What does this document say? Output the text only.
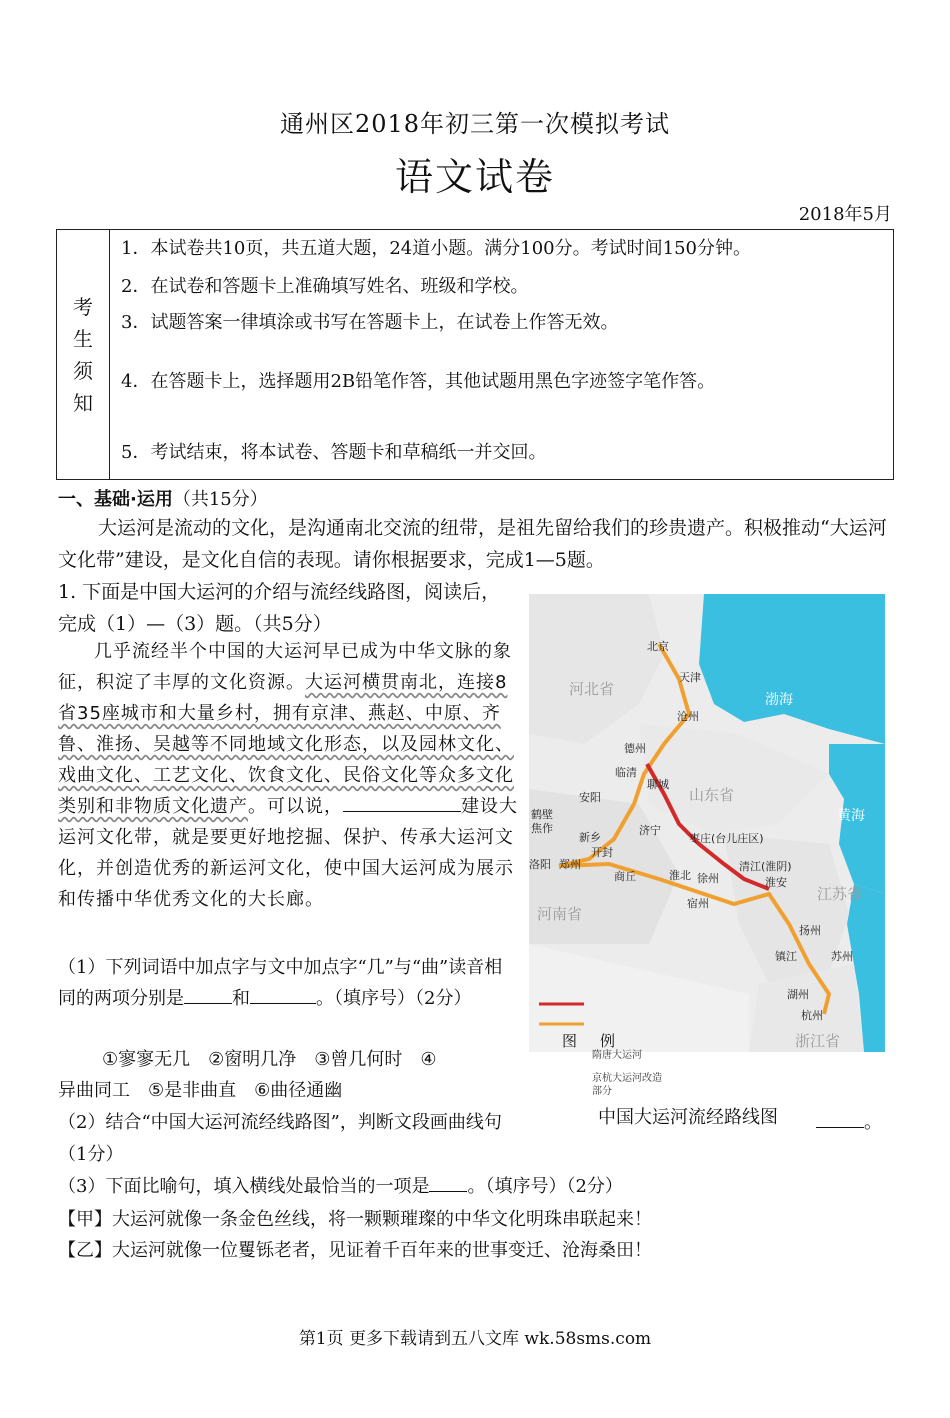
通州区2018年初三第一次模拟考试
语文试卷
2018年5月
考
生
须
知
1．本试卷共10页，共五道大题，24道小题。满分100分。考试时间150分钟。
2．在试卷和答题卡上准确填写姓名、班级和学校。
3．试题答案一律填涂或书写在答题卡上，在试卷上作答无效。
4．在答题卡上，选择题用2B铅笔作答，其他试题用黑色字迹签字笔作答。
5．考试结束，将本试卷、答题卡和草稿纸一并交回。
一、基础·运用（共15分）
大运河是流动的文化，是沟通南北交流的纽带，是祖先留给我们的珍贵遗产。积极推动“大运河文化带”建设，是文化自信的表现。请你根据要求，完成1—5题。
1. 下面是中国大运河的介绍与流经线路图，阅读后，完成（1）—（3）题。（共5分）
几乎流经半个中国的大运河早已成为中华文脉的象征，积淀了丰厚的文化资源。大运河横贯南北，连接8省35座城市和大量乡村，拥有京津、燕赵、中原、齐鲁、淮扬、吴越等不同地域文化形态，以及园林文化、戏曲文化、工艺文化、饮食文化、民俗文化等众多文化类别和非物质文化遗产。可以说，	建设大运河文化带，就是要更好地挖掘、保护、传承大运河文化，并创造优秀的新运河文化，使中国大运河成为展示和传播中华优秀文化的大长廊。
（1）下列词语中加点字与文中加点字“几”与“曲”读音相同的两项分别是	和	。（填序号）（2分）
①寥寥无几　②窗明几净　③曾几何时　④
异曲同工　⑤是非曲直　⑥曲径通幽
（2）结合“中国大运河流经线路图”，判断文段画曲线句	。
（1分）
（3）下面比喻句，填入横线处最恰当的一项是 。（填序号）（2分）
【甲】大运河就像一条金色丝线，将一颗颗璀璨的中华文化明珠串联起来！
【乙】大运河就像一位矍铄老者，见证着千百年来的世事变迁、沧海桑田！
北京
天津
沧州
德州
临清
聊城
安阳
鹤壁
焦作
新乡
洛阳 郑州
开封
济宁
枣庄(台儿庄区)
商丘	淮北 徐州
宿州
清江(淮阴)
淮安
扬州
镇江	苏州
湖州
杭州
河北省
山东省
河南省
江苏省
浙江省
渤海
黄海
图　例
隋唐大运河
京杭大运河改造部分
中国大运河流经路线图
第1页 更多下载请到五八文库 wk.58sms.com
